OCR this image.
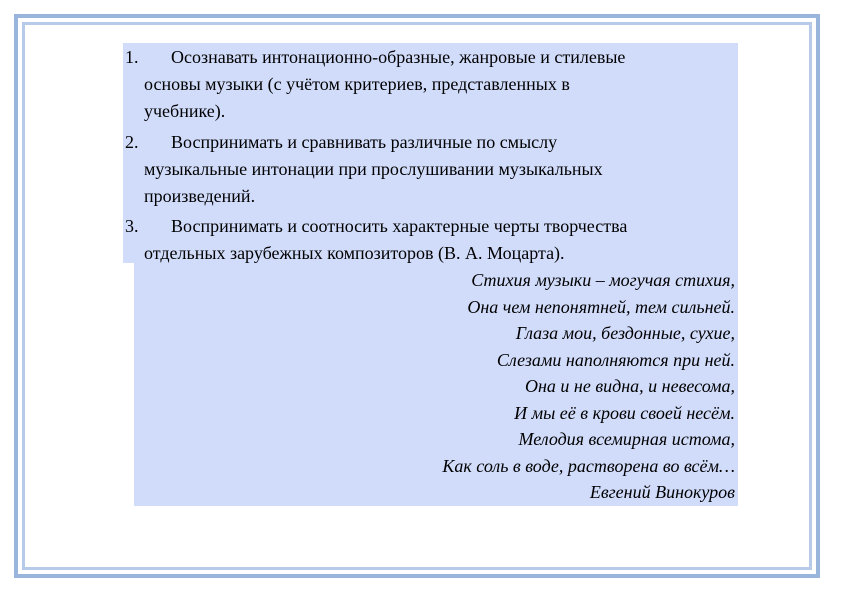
1.	Осознавать интонационно-образные, жанровые и стилевые
основы музыки (с учётом критериев, представленных в
учебнике).
2.	Воспринимать и сравнивать различные по смыслу
музыкальные интонации при прослушивании музыкальных
произведений.
3.	Воспринимать и соотносить характерные черты творчества
отдельных зарубежных композиторов (В. А. Моцарта).
Стихия музыки – могучая стихия,
Она чем непонятней, тем сильней.
Глаза мои, бездонные, сухие,
Слезами наполняются при ней.
Она и не видна, и невесома,
И мы её в крови своей несём.
Мелодия всемирная истома,
Как соль в воде, растворена во всём…
Евгений Винокуров
